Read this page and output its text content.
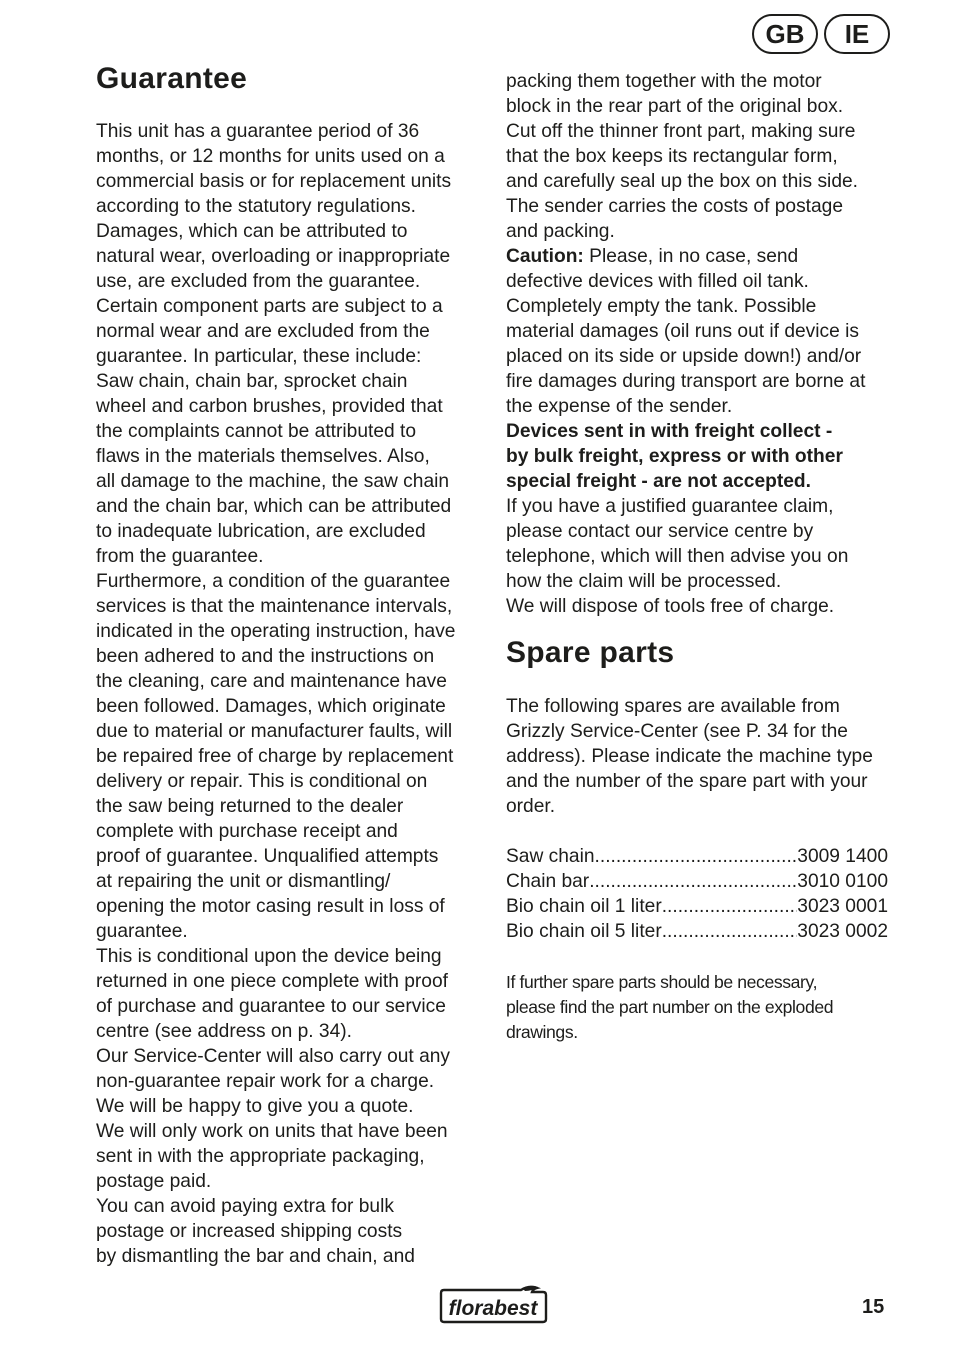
GB	IE
Guarantee
This unit has a guarantee period of 36
months, or 12 months for units used on a
commercial basis or for replacement units
according to the statutory regulations.
Damages, which can be attributed to
natural wear, overloading or inappropriate
use, are excluded from the guarantee.
Certain component parts are subject to a
normal wear and are excluded from the
guarantee. In particular, these include:
Saw chain, chain bar, sprocket chain
wheel and carbon brushes, provided that
the complaints cannot be attributed to
flaws in the materials themselves. Also,
all damage to the machine, the saw chain
and the chain bar, which can be attributed
to inadequate lubrication, are excluded
from the guarantee.
Furthermore, a condition of the guarantee
services is that the maintenance intervals,
indicated in the operating instruction, have
been adhered to and the instructions on
the cleaning, care and maintenance have
been followed. Damages, which originate
due to material or manufacturer faults, will
be repaired free of charge by replacement
delivery or repair. This is conditional on
the saw being returned to the dealer
complete with purchase receipt and
proof of guarantee. Unqualified attempts
at repairing the unit or dismantling/
opening the motor casing result in loss of
guarantee.
This is conditional upon the device being
returned in one piece complete with proof
of purchase and guarantee to our service
centre (see address on p. 34).
Our Service-Center will also carry out any
non-guarantee repair work for a charge.
We will be happy to give you a quote.
We will only work on units that have been
sent in with the appropriate packaging,
postage paid.
You can avoid paying extra for bulk
postage or increased shipping costs
by dismantling the bar and chain, and
packing them together with the motor
block in the rear part of the original box.
Cut off the thinner front part, making sure
that the box keeps its rectangular form,
and carefully seal up the box on this side.
The sender carries the costs of postage
and packing.
Caution: Please, in no case, send
defective devices with filled oil tank.
Completely empty the tank. Possible
material damages (oil runs out if device is
placed on its side or upside down!) and/or
fire damages during transport are borne at
the expense of the sender.
Devices sent in with freight collect -
by bulk freight, express or with other
special freight - are not accepted.
If you have a justified guarantee claim,
please contact our service centre by
telephone, which will then advise you on
how the claim will be processed.
We will dispose of tools free of charge.
Spare parts
The following spares are available from
Grizzly Service-Center (see P. 34 for the
address). Please indicate the machine type
and the number of the spare part with your
order.
Saw chain .....	3009 1400
Chain bar .....	3010 0100
Bio chain oil 1 liter .....	3023 0001
Bio chain oil 5 liter .....	3023 0002
If further spare parts should be necessary,
please find the part number on the exploded
drawings.
florabest	15
